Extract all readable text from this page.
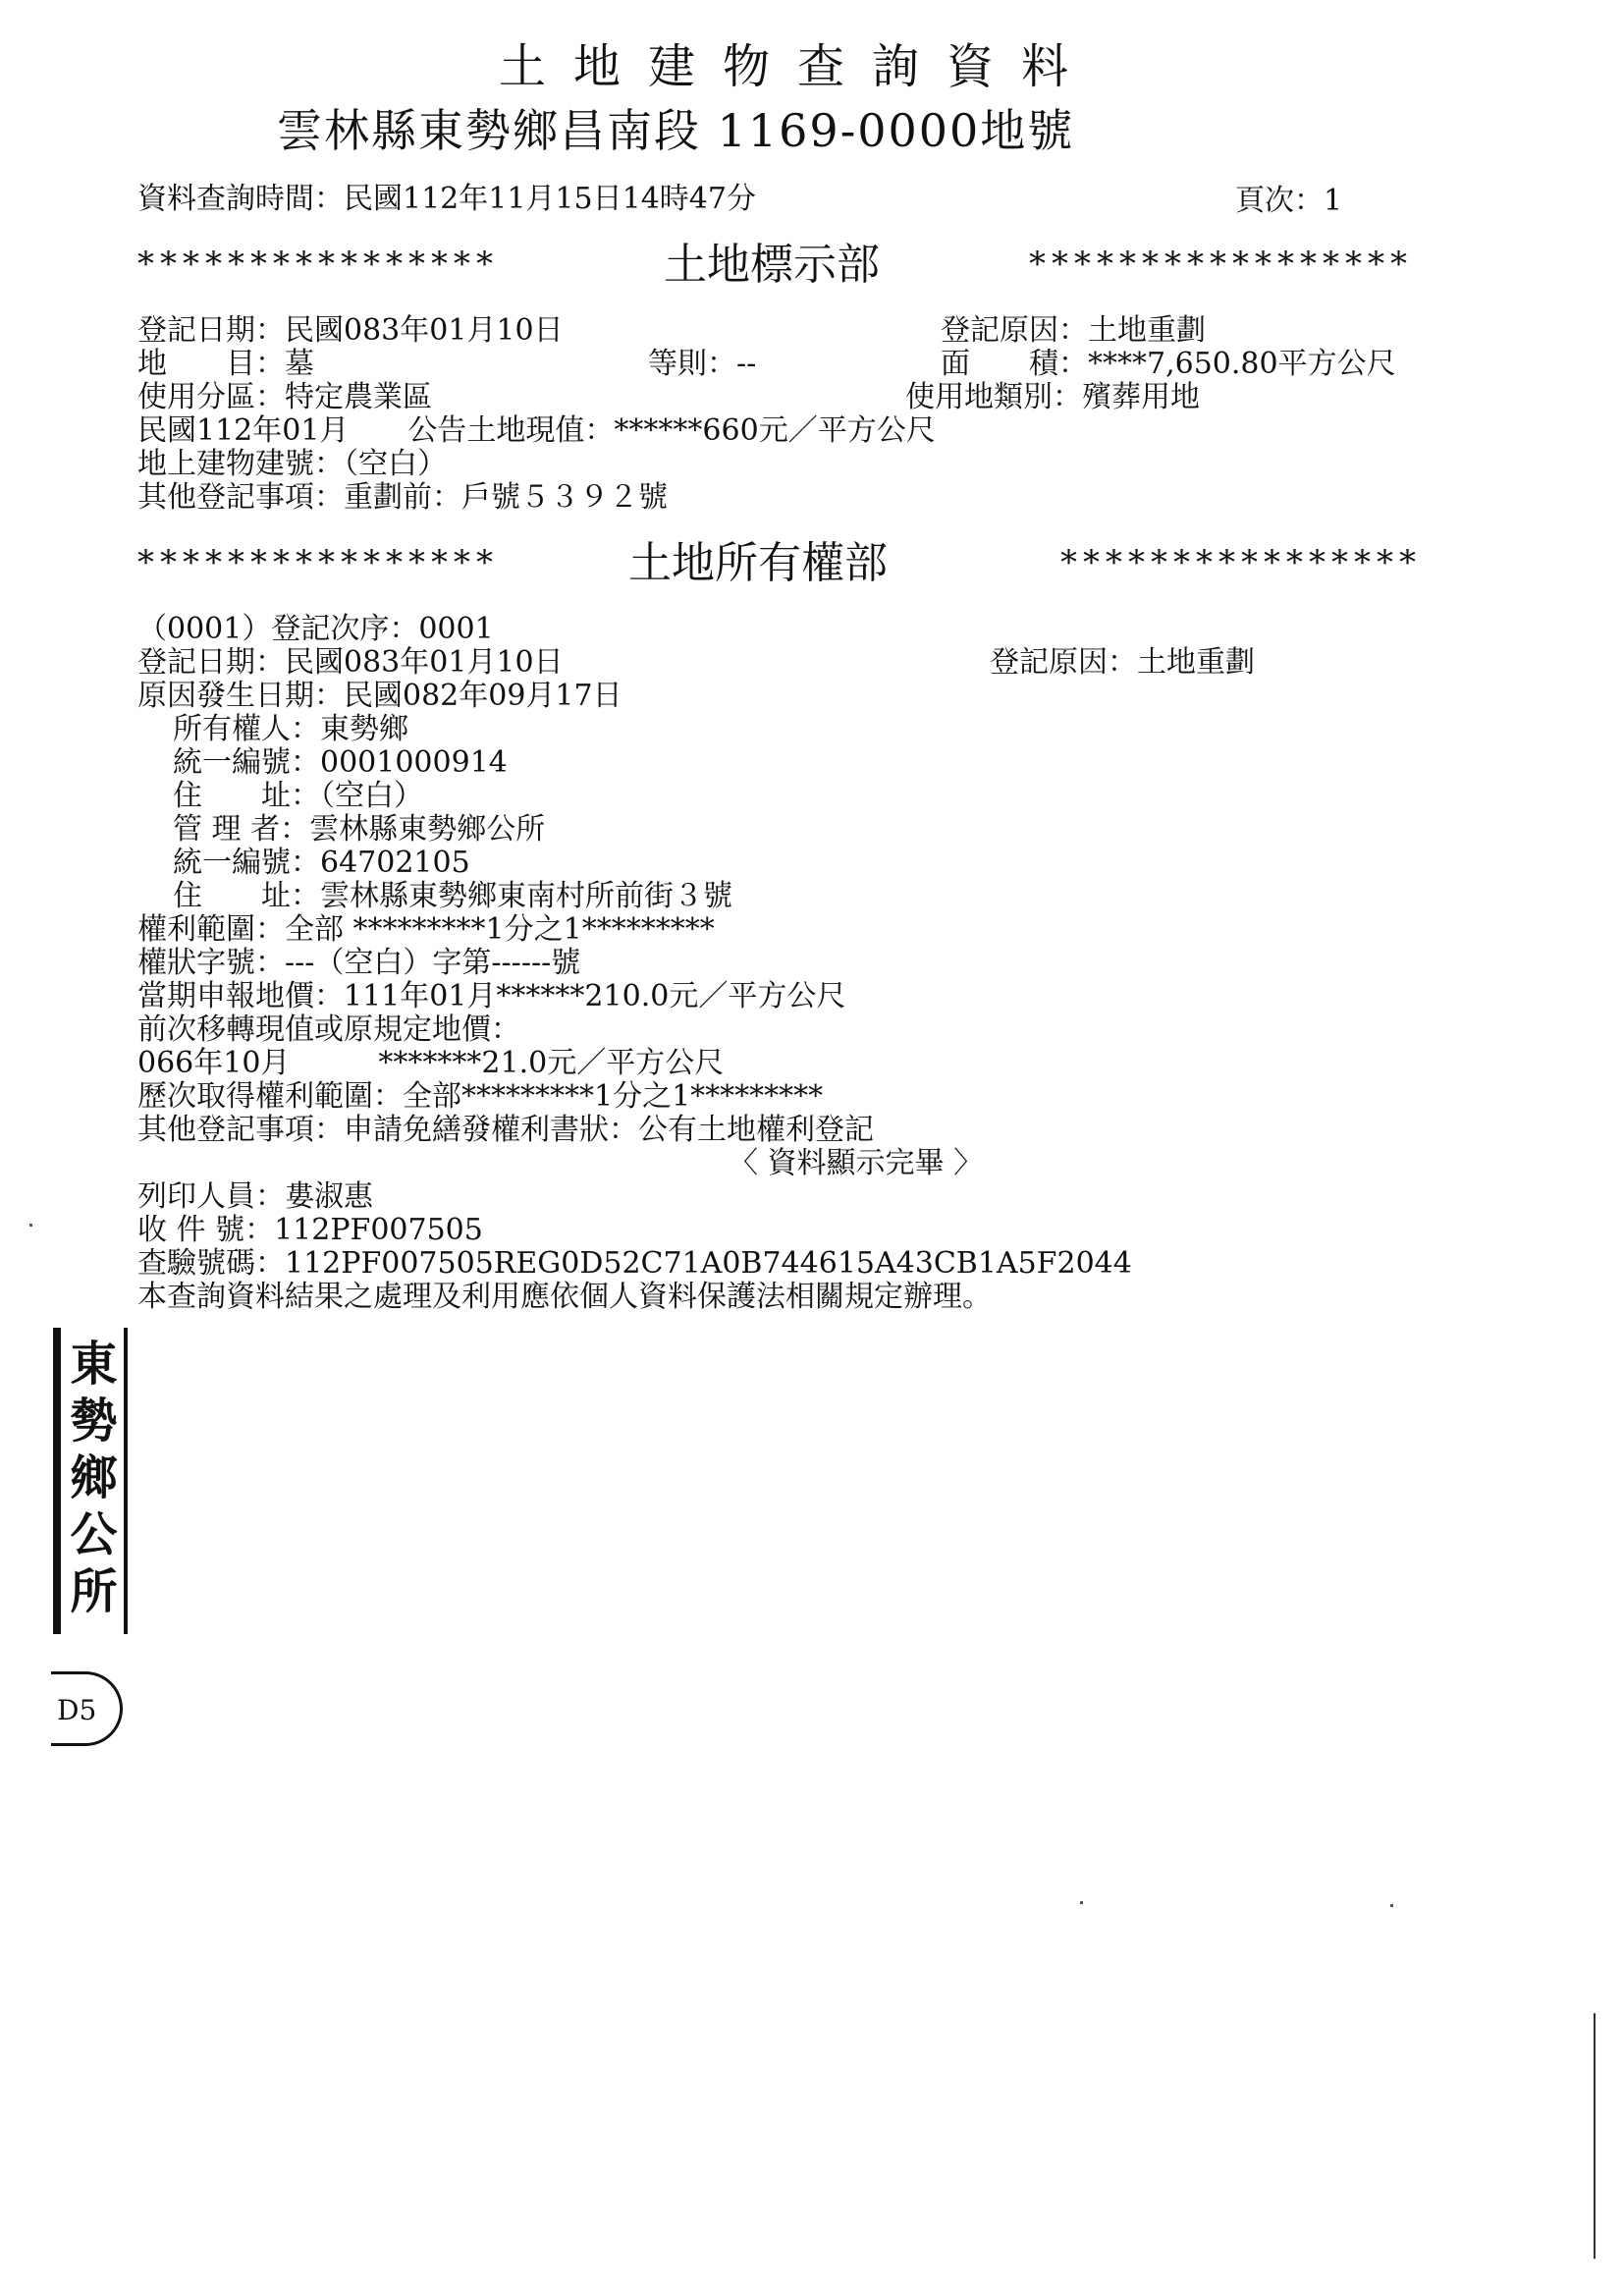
土地建物查詢資料
雲林縣東勢鄉昌南段 1169-0000地號
資料查詢時間：民國112年11月15日14時47分	頁次：1
****************	土地標示部	*****************
登記日期：民國083年01月10日	登記原因：土地重劃
地　　目：墓	等則：--	面　　積：****7,650.80平方公尺
使用分區：特定農業區	使用地類別：殯葬用地
民國112年01月　　公告土地現值：******660元／平方公尺
地上建物建號：（空白）
其他登記事項：重劃前：戶號５３９２號
****************	土地所有權部	****************
（0001）登記次序：0001
登記日期：民國083年01月10日	登記原因：土地重劃
原因發生日期：民國082年09月17日
所有權人：東勢鄉
統一編號：0001000914
住　　址：（空白）
管 理 者：雲林縣東勢鄉公所
統一編號：64702105
住　　址：雲林縣東勢鄉東南村所前街３號
權利範圍：全部 *********1分之1*********
權狀字號：---（空白）字第------號
當期申報地價：111年01月******210.0元／平方公尺
前次移轉現值或原規定地價：
066年10月　　　*******21.0元／平方公尺
歷次取得權利範圍：全部*********1分之1*********
其他登記事項：申請免繕發權利書狀：公有土地權利登記
〈 資料顯示完畢 〉
列印人員：婁淑惠
收 件 號：112PF007505
查驗號碼：112PF007505REG0D52C71A0B744615A43CB1A5F2044
本查詢資料結果之處理及利用應依個人資料保護法相關規定辦理。
東勢鄉公所
D5
